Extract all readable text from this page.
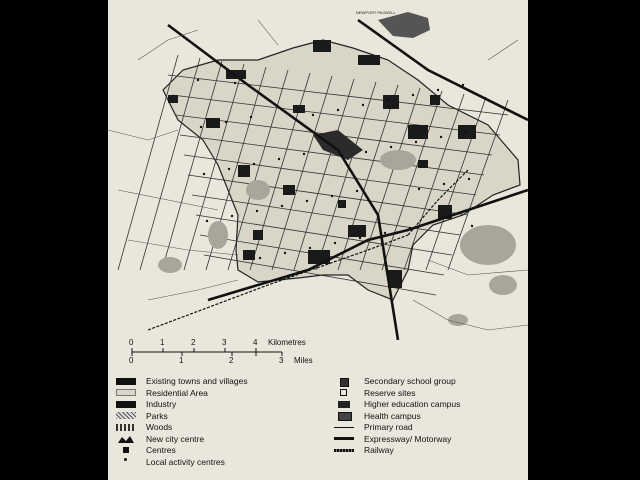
NEWPORT PAGNELL
0	1	2	3	4 Kilometres
0	1	2	3 Miles
Existing towns and villages
Residential Area
Industry
Parks
Woods
New city centre
Centres
Local activity centres
Secondary school group
Reserve sites
Higher education campus
Health campus
Primary road
Expressway/ Motorway
Railway
